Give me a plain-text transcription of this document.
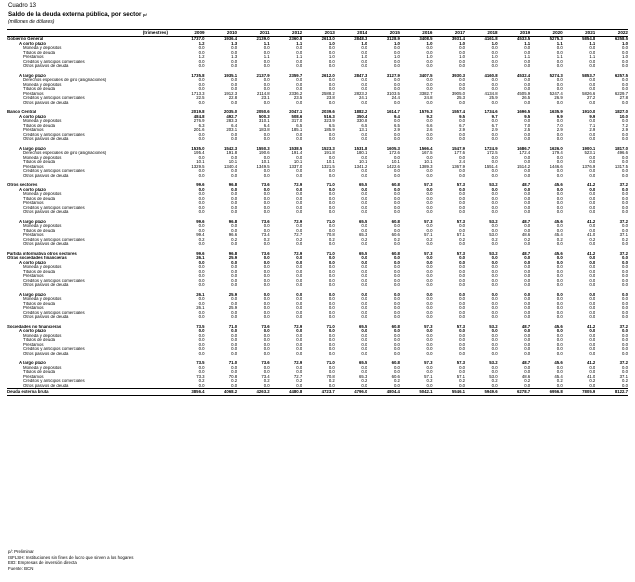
Cuadro 13
Saldo de la deuda externa pública, por sector $^{p/}$
(millones de dólares)

(trimestres)	2009	2010	2011	2012	2013	2014	2015	2016	2017	2018	2019	2020	2021	2022
Gobierno General	1737.0	1936.4	2139.0	2360.8	2613.0	2848.3	3128.9	3408.5	3931.4	4161.8	4533.5	5275.3	5854.8	6258.5
A corto plazo	1.2	1.3	1.1	1.1	1.0	1.0	1.0	1.0	1.0	1.0	1.1	1.1	1.1	1.0
Moneda y depósitos	0.0	0.0	0.0	0.0	0.0	0.0	0.0	0.0	0.0	0.0	0.0	0.0	0.0	0.0
Títulos de deuda	0.0	0.0	0.0	0.0	0.0	0.0	0.0	0.0	0.0	0.0	0.0	0.0	0.0	0.0
Préstamos	1.2	1.3	1.1	1.1	1.0	1.0	1.0	1.0	1.0	1.0	1.1	1.1	1.1	1.0
Créditos y anticipos comerciales	0.0	0.0	0.0	0.0	0.0	0.0	0.0	0.0	0.0	0.0	0.0	0.0	0.0	0.0
Otros pasivos de deuda	0.0	0.0	0.0	0.0	0.0	0.0	0.0	0.0	0.0	0.0	0.0	0.0	0.0	0.0

A largo plazo	1735.8	1935.1	2137.9	2359.7	2612.0	2847.3	3127.9	3407.5	3930.3	4160.8	4532.4	5274.3	5853.7	6257.5
Derechos especiales de giro (asignaciones)	0.0	0.0	0.0	0.0	0.0	0.0	0.0	0.0	0.0	0.0	0.0	0.0	0.0	0.0
Moneda y depósitos	0.0	0.0	0.0	0.0	0.0	0.0	0.0	0.0	0.0	0.0	0.0	0.0	0.0	0.0
Títulos de deuda	0.0	0.0	0.0	0.0	0.0	0.0	0.0	0.0	0.0	0.0	0.0	0.0	0.0	0.0
Préstamos	1713.3	1912.3	2114.8	2336.2	2588.2	2823.2	3103.5	3382.7	3905.0	4134.8	4505.9	5247.4	5826.6	6229.7
Créditos y anticipos comerciales	22.5	22.8	23.1	23.5	23.8	24.1	24.4	24.8	25.3	25.9	26.5	26.9	27.2	27.8
Otros pasivos de deuda	0.0	0.0	0.0	0.0	0.0	0.0	0.0	0.0	0.0	0.0	0.0	0.0	0.0	0.0

Banco Central	2019.8	2035.0	2050.6	2047.1	2039.6	1882.2	1614.7	1576.3	1557.4	1734.6	1696.5	1635.9	1910.0	1827.0
A corto plazo	484.8	492.7	500.3	508.6	516.3	350.4	9.4	9.2	9.5	9.7	9.5	9.9	9.9	10.0
Moneda y depósitos	276.9	283.3	310.1	317.0	323.9	330.8	0.0	0.0	0.0	0.0	0.0	0.0	0.0	0.0
Títulos de deuda	6.3	6.4	6.4	6.5	6.5	6.5	6.5	6.6	6.7	6.7	7.0	7.0	7.1	7.2
Préstamos	201.6	203.1	183.8	185.1	185.9	13.1	2.9	2.6	2.9	2.9	2.5	2.9	2.9	2.9
Créditos y anticipos comerciales	0.0	0.0	0.0	0.0	0.0	0.0	0.0	0.0	0.0	0.0	0.0	0.0	0.0	0.0
Otros pasivos de deuda	0.0	0.0	0.0	0.0	0.0	0.0	0.0	0.0	0.0	0.0	0.0	0.0	0.0	0.0

A largo plazo	1535.0	1542.3	1550.3	1538.5	1523.3	1531.8	1605.3	1566.4	1547.9	1724.9	1686.7	1626.0	1900.1	1817.0
Derechos especiales de giro (asignaciones)	195.4	191.8	190.6	191.4	191.8	180.1	172.6	167.5	177.6	172.5	172.4	179.4	523.1	496.6
Moneda y depósitos	0.0	0.0	0.0	0.0	0.0	0.0	0.0	0.0	0.0	0.0	0.0	0.0	0.0	0.0
Títulos de deuda	10.1	10.1	10.1	10.1	10.1	10.1	10.1	10.1	2.4	0.0	0.0	0.0	0.0	0.0
Préstamos	1329.5	1340.4	1349.5	1337.0	1321.5	1341.2	1422.6	1389.3	1367.9	1551.4	1514.2	1446.6	1376.9	1317.5
Créditos y anticipos comerciales	0.0	0.0	0.0	0.0	0.0	0.0	0.0	0.0	0.0	0.0	0.0	0.0	0.0	0.0
Otros pasivos de deuda	0.0	0.0	0.0	0.0	0.0	0.0	0.0	0.0	0.0	0.0	0.0	0.0	0.0	0.0

Otros sectores	99.6	96.8	73.6	72.9	71.0	65.5	60.8	57.3	57.3	53.2	48.7	45.6	41.2	37.2
A corto plazo	0.0	0.0	0.0	0.0	0.0	0.0	0.0	0.0	0.0	0.0	0.0	0.0	0.0	0.0
Moneda y depósitos	0.0	0.0	0.0	0.0	0.0	0.0	0.0	0.0	0.0	0.0	0.0	0.0	0.0	0.0
Títulos de deuda	0.0	0.0	0.0	0.0	0.0	0.0	0.0	0.0	0.0	0.0	0.0	0.0	0.0	0.0
Préstamos	0.0	0.0	0.0	0.0	0.0	0.0	0.0	0.0	0.0	0.0	0.0	0.0	0.0	0.0
Créditos y anticipos comerciales	0.0	0.0	0.0	0.0	0.0	0.0	0.0	0.0	0.0	0.0	0.0	0.0	0.0	0.0
Otros pasivos de deuda	0.0	0.0	0.0	0.0	0.0	0.0	0.0	0.0	0.0	0.0	0.0	0.0	0.0	0.0

A largo plazo	99.6	96.8	73.6	72.9	71.0	65.5	60.8	57.3	57.3	53.2	48.7	45.6	41.2	37.2
Moneda y depósitos	0.0	0.0	0.0	0.0	0.0	0.0	0.0	0.0	0.0	0.0	0.0	0.0	0.0	0.0
Títulos de deuda	0.0	0.0	0.0	0.0	0.0	0.0	0.0	0.0	0.0	0.0	0.0	0.0	0.0	0.0
Préstamos	99.4	96.6	73.4	72.7	70.8	65.3	60.6	57.1	57.1	53.0	48.6	45.4	41.0	37.1
Créditos y anticipos comerciales	0.2	0.2	0.2	0.2	0.2	0.2	0.2	0.2	0.2	0.2	0.2	0.2	0.2	0.2
Otros pasivos de deuda	0.0	0.0	0.0	0.0	0.0	0.0	0.0	0.0	0.0	0.0	0.0	0.0	0.0	0.0

Partida informativa otros sectores	99.6	96.8	73.6	72.9	71.0	65.5	60.8	57.3	57.3	53.2	48.7	45.6	41.2	37.2
Otras sociedades financieras	26.1	25.9	0.0	0.0	0.0	0.0	0.0	0.0	0.0	0.0	0.0	0.0	0.0	0.0
A corto plazo	0.0	0.0	0.0	0.0	0.0	0.0	0.0	0.0	0.0	0.0	0.0	0.0	0.0	0.0
Moneda y depósitos	0.0	0.0	0.0	0.0	0.0	0.0	0.0	0.0	0.0	0.0	0.0	0.0	0.0	0.0
Títulos de deuda	0.0	0.0	0.0	0.0	0.0	0.0	0.0	0.0	0.0	0.0	0.0	0.0	0.0	0.0
Préstamos	0.0	0.0	0.0	0.0	0.0	0.0	0.0	0.0	0.0	0.0	0.0	0.0	0.0	0.0
Créditos y anticipos comerciales	0.0	0.0	0.0	0.0	0.0	0.0	0.0	0.0	0.0	0.0	0.0	0.0	0.0	0.0
Otros pasivos de deuda	0.0	0.0	0.0	0.0	0.0	0.0	0.0	0.0	0.0	0.0	0.0	0.0	0.0	0.0

A largo plazo	26.1	25.9	0.0	0.0	0.0	0.0	0.0	0.0	0.0	0.0	0.0	0.0	0.0	0.0
Moneda y depósitos	0.0	0.0	0.0	0.0	0.0	0.0	0.0	0.0	0.0	0.0	0.0	0.0	0.0	0.0
Títulos de deuda	0.0	0.0	0.0	0.0	0.0	0.0	0.0	0.0	0.0	0.0	0.0	0.0	0.0	0.0
Préstamos	26.1	25.9	0.0	0.0	0.0	0.0	0.0	0.0	0.0	0.0	0.0	0.0	0.0	0.0
Créditos y anticipos comerciales	0.0	0.0	0.0	0.0	0.0	0.0	0.0	0.0	0.0	0.0	0.0	0.0	0.0	0.0
Otros pasivos de deuda	0.0	0.0	0.0	0.0	0.0	0.0	0.0	0.0	0.0	0.0	0.0	0.0	0.0	0.0

Sociedades no financieras	73.5	71.0	73.6	72.9	71.0	65.5	60.8	57.3	57.3	53.2	48.7	45.6	41.2	37.2
A corto plazo	0.0	0.0	0.0	0.0	0.0	0.0	0.0	0.0	0.0	0.0	0.0	0.0	0.0	0.0
Moneda y depósitos	0.0	0.0	0.0	0.0	0.0	0.0	0.0	0.0	0.0	0.0	0.0	0.0	0.0	0.0
Títulos de deuda	0.0	0.0	0.0	0.0	0.0	0.0	0.0	0.0	0.0	0.0	0.0	0.0	0.0	0.0
Préstamos	0.0	0.0	0.0	0.0	0.0	0.0	0.0	0.0	0.0	0.0	0.0	0.0	0.0	0.0
Créditos y anticipos comerciales	0.0	0.0	0.0	0.0	0.0	0.0	0.0	0.0	0.0	0.0	0.0	0.0	0.0	0.0
Otros pasivos de deuda	0.0	0.0	0.0	0.0	0.0	0.0	0.0	0.0	0.0	0.0	0.0	0.0	0.0	0.0

A largo plazo	73.5	71.0	73.6	72.9	71.0	65.5	60.8	57.3	57.3	53.2	48.7	45.6	41.2	37.2
Moneda y depósitos	0.0	0.0	0.0	0.0	0.0	0.0	0.0	0.0	0.0	0.0	0.0	0.0	0.0	0.0
Títulos de deuda	0.0	0.0	0.0	0.0	0.0	0.0	0.0	0.0	0.0	0.0	0.0	0.0	0.0	0.0
Préstamos	73.3	70.8	73.4	72.7	70.8	65.3	60.6	57.1	57.1	53.0	48.6	45.4	41.0	37.1
Créditos y anticipos comerciales	0.2	0.2	0.2	0.2	0.2	0.2	0.2	0.2	0.2	0.2	0.2	0.2	0.2	0.2
Otros pasivos de deuda	0.0	0.0	0.0	0.0	0.0	0.0	0.0	0.0	0.0	0.0	0.0	0.0	0.0	0.0
Deuda externa bruta	3856.4	4068.2	4263.2	4480.8	4723.7	4796.0	4804.4	5042.1	5546.1	5949.6	6278.7	6956.8	7805.9	8122.7
p/: Preliminar
ISFLSH: Instituciones sin fines de lucro que sirven a los hogares
EID: Empresas de inversión directa
Fuente: BCN
